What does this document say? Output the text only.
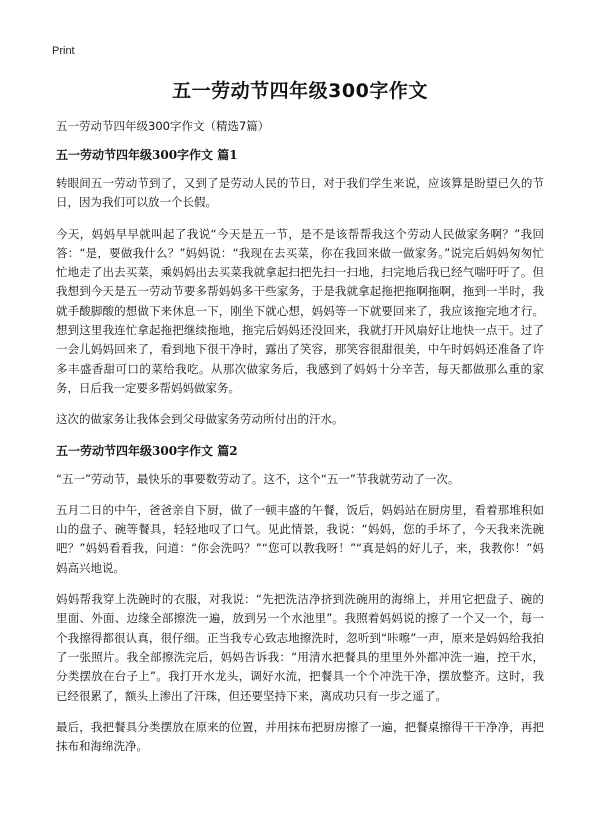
Print
五一劳动节四年级300字作文
五一劳动节四年级300字作文（精选7篇）
五一劳动节四年级300字作文 篇1

转眼间五一劳动节到了，又到了是劳动人民的节日，对于我们学生来说，应该算是盼望已久的节日，因为我们可以放一个长假。

今天，妈妈早早就叫起了我说“今天是五一节，是不是该帮帮我这个劳动人民做家务啊？”我回答：“是，要做我什么？”妈妈说：“我现在去买菜，你在我回来做一做家务。”说完后妈妈匆匆忙忙地走了出去买菜，乘妈妈出去买菜我就拿起扫把先扫一扫地，扫完地后我已经气喘吁吁了。但我想到今天是五一劳动节要多帮妈妈多干些家务，于是我就拿起拖把拖啊拖啊，拖到一半时，我就手酸脚酸的想做下来休息一下，刚坐下就心想，妈妈等一下就要回来了，我应该拖完地才行。想到这里我连忙拿起拖把继续拖地，拖完后妈妈还没回来，我就打开风扇好让地快一点干。过了一会儿妈妈回来了，看到地下很干净时，露出了笑容，那笑容很甜很美，中午时妈妈还准备了许多丰盛香甜可口的菜给我吃。从那次做家务后，我感到了妈妈十分辛苦，每天都做那么重的家务，日后我一定要多帮妈妈做家务。

这次的做家务让我体会到父母做家务劳动所付出的汗水。

五一劳动节四年级300字作文 篇2

“五一”劳动节，最快乐的事要数劳动了。这不，这个“五一”节我就劳动了一次。

五月二日的中午，爸爸亲自下厨，做了一顿丰盛的午餐，饭后，妈妈站在厨房里，看着那堆积如山的盘子、碗等餐具，轻轻地叹了口气。见此情景，我说：“妈妈，您的手坏了，今天我来洗碗吧？”妈妈看看我，问道：“你会洗吗？”“您可以教我呀！”“真是妈的好儿子，来，我教你！”妈妈高兴地说。

妈妈帮我穿上洗碗时的衣服，对我说：“先把洗洁净挤到洗碗用的海绵上，并用它把盘子、碗的里面、外面、边缘全部擦洗一遍，放到另一个水池里”。我照着妈妈说的擦了一个又一个，每一个我擦得都很认真，很仔细。正当我专心致志地擦洗时，忽听到“咔嚓”一声，原来是妈妈给我拍了一张照片。我全部擦洗完后，妈妈告诉我：“用清水把餐具的里里外外都冲洗一遍，控干水，分类摆放在台子上”。我打开水龙头，调好水流，把餐具一个个冲洗干净，摆放整齐。这时，我已经很累了，额头上渗出了汗珠，但还要坚持下来，离成功只有一步之遥了。

最后，我把餐具分类摆放在原来的位置，并用抹布把厨房擦了一遍，把餐桌擦得干干净净，再把抹布和海绵洗净。
